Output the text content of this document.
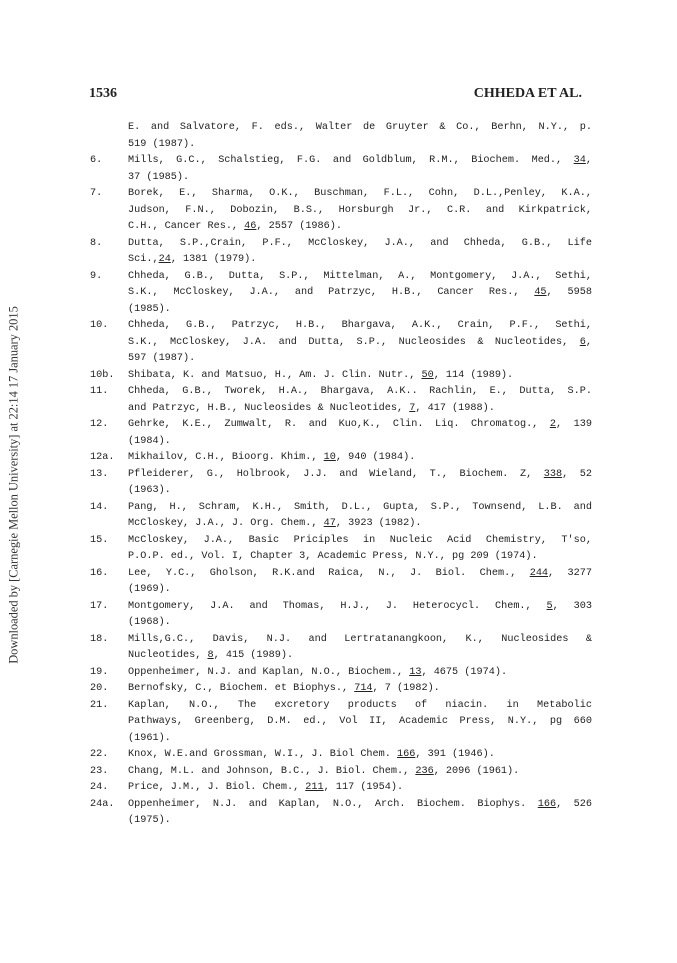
1536	CHHEDA ET AL.
Downloaded by [Carnegie Mellon University] at 22:14 17 January 2015
E. and Salvatore, F. eds., Walter de Gruyter & Co., Berhn, N.Y., p.
519 (1987).
6.	Mills, G.C., Schalstieg, F.G. and Goldblum, R.M., Biochem. Med., 34,
37 (1985).
7.	Borek, E., Sharma, O.K., Buschman, F.L., Cohn, D.L.,Penley, K.A.,
Judson, F.N., Dobozin, B.S., Horsburgh Jr., C.R. and Kirkpatrick,
C.H., Cancer Res., 46, 2557 (1986).
8.	Dutta, S.P.,Crain, P.F., McCloskey, J.A., and Chheda, G.B., Life
Sci.,24, 1381 (1979).
9.	Chheda, G.B., Dutta, S.P., Mittelman, A., Montgomery, J.A., Sethi,
S.K., McCloskey, J.A., and Patrzyc, H.B., Cancer Res., 45, 5958
(1985).
10.	Chheda, G.B., Patrzyc, H.B., Bhargava, A.K., Crain, P.F., Sethi,
S.K., McCloskey, J.A. and Dutta, S.P., Nucleosides & Nucleotides, 6,
597 (1987).
10b.	Shibata, K. and Matsuo, H., Am. J. Clin. Nutr., 50, 114 (1989).
11.	Chheda, G.B., Tworek, H.A., Bhargava, A.K.. Rachlin, E., Dutta, S.P.
and Patrzyc, H.B., Nucleosides & Nucleotides, 7, 417 (1988).
12.	Gehrke, K.E., Zumwalt, R. and Kuo,K., Clin. Liq. Chromatog., 2, 139
(1984).
12a.	Mikhailov, C.H., Bioorg. Khim., 10, 940 (1984).
13.	Pfleiderer, G., Holbrook, J.J. and Wieland, T., Biochem. Z, 338, 52
(1963).
14.	Pang, H., Schram, K.H., Smith, D.L., Gupta, S.P., Townsend, L.B. and
McCloskey, J.A., J. Org. Chem., 47, 3923 (1982).
15.	McCloskey, J.A., Basic Priciples in Nucleic Acid Chemistry, T'so,
P.O.P. ed., Vol. I, Chapter 3, Academic Press, N.Y., pg 209 (1974).
16.	Lee, Y.C., Gholson, R.K.and Raica, N., J. Biol. Chem., 244, 3277
(1969).
17.	Montgomery, J.A. and Thomas, H.J., J. Heterocycl. Chem., 5, 303
(1968).
18.	Mills,G.C., Davis, N.J. and Lertratanangkoon, K., Nucleosides &
Nucleotides, 8, 415 (1989).
19.	Oppenheimer, N.J. and Kaplan, N.O., Biochem., 13, 4675 (1974).
20.	Bernofsky, C., Biochem. et Biophys., 714, 7 (1982).
21.	Kaplan, N.O., The excretory products of niacin. in Metabolic
Pathways, Greenberg, D.M. ed., Vol II, Academic Press, N.Y., pg 660
(1961).
22.	Knox, W.E.and Grossman, W.I., J. Biol Chem. 166, 391 (1946).
23.	Chang, M.L. and Johnson, B.C., J. Biol. Chem., 236, 2096 (1961).
24.	Price, J.M., J. Biol. Chem., 211, 117 (1954).
24a.	Oppenheimer, N.J. and Kaplan, N.O., Arch. Biochem. Biophys. 166, 526
(1975).
